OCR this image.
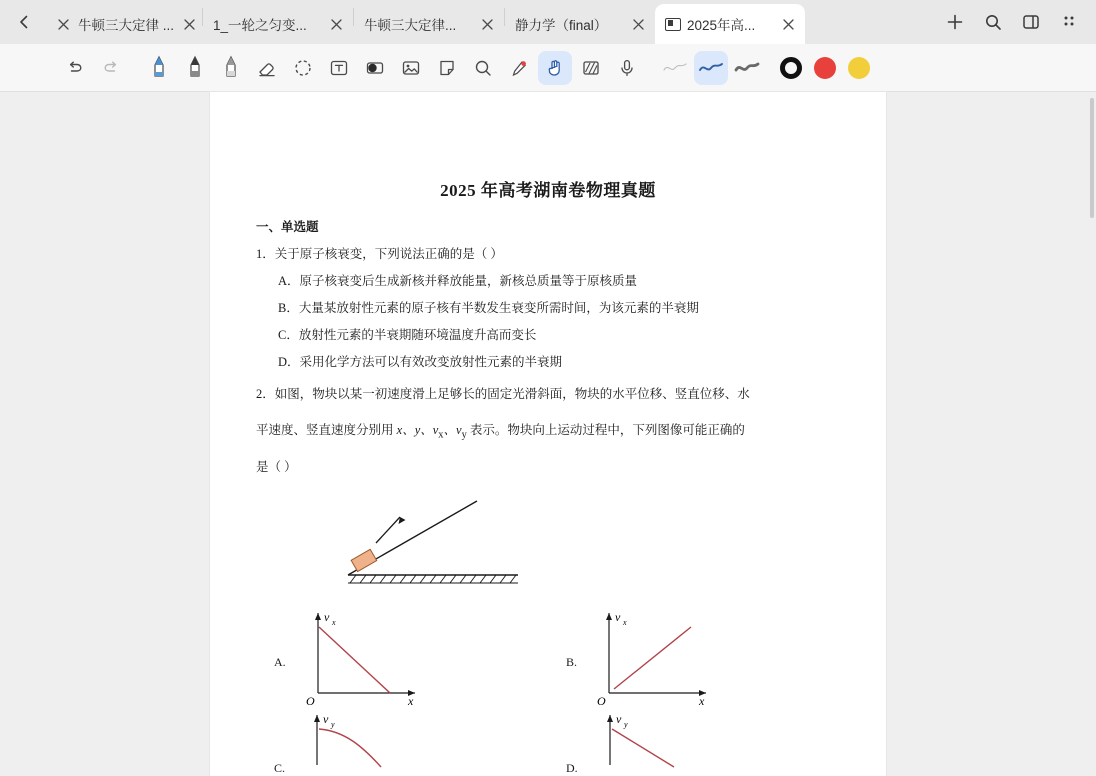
牛顿三大定律 ...	1_一轮之匀变...	牛顿三大定律...	静力学（final）	2025年高...
2025 年高考湖南卷物理真题
一、单选题
1．关于原子核衰变，下列说法正确的是（ ）
A．原子核衰变后生成新核并释放能量，新核总质量等于原核质量
B．大量某放射性元素的原子核有半数发生衰变所需时间，为该元素的半衰期
C．放射性元素的半衰期随环境温度升高而变长
D．采用化学方法可以有效改变放射性元素的半衰期
2．如图，物块以某一初速度滑上足够长的固定光滑斜面，物块的水平位移、竖直位移、水
平速度、竖直速度分别用 x、y、$v_x$、$v_y$ 表示。物块向上运动过程中，下列图像可能正确的
是（ ）
A.
v x
O	x
B.
v x
O	x
C.
v y
D.
v y
